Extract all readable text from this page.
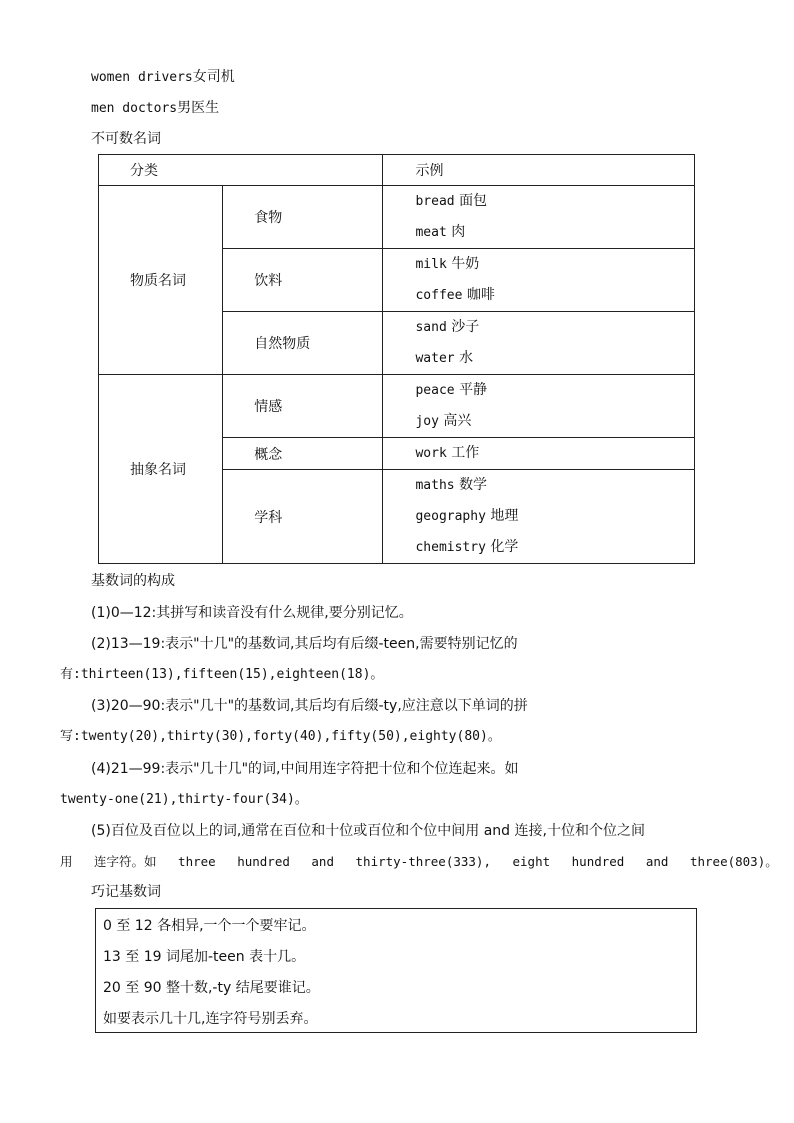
women drivers女司机
men doctors男医生
不可数名词
分类		示例
物质名词	食物	bread 面包
meat 肉

	饮料	milk 牛奶
coffee 咖啡

	自然物质	sand 沙子
water 水

抽象名词	情感	peace 平静
joy 高兴

	概念	work 工作

	学科	maths 数学
geography 地理
chemistry 化学
基数词的构成
(1)0—12:其拼写和读音没有什么规律,要分别记忆。
(2)13—19:表示"十几"的基数词,其后均有后缀-teen,需要特别记忆的
有:thirteen(13),fifteen(15),eighteen(18)。
(3)20—90:表示"几十"的基数词,其后均有后缀-ty,应注意以下单词的拼
写:twenty(20),thirty(30),forty(40),fifty(50),eighty(80)。
(4)21—99:表示"几十几"的词,中间用连字符把十位和个位连起来。如
twenty-one(21),thirty-four(34)。
(5)百位及百位以上的词,通常在百位和十位或百位和个位中间用 and 连接,十位和个位之间
用 连字符。如 three hundred and thirty-three(333), eight hundred and three(803)。
巧记基数词
0 至 12 各相异,一个一个要牢记。
13 至 19 词尾加-teen 表十几。
20 至 90 整十数,-ty 结尾要谁记。
如要表示几十几,连字符号别丢弃。
